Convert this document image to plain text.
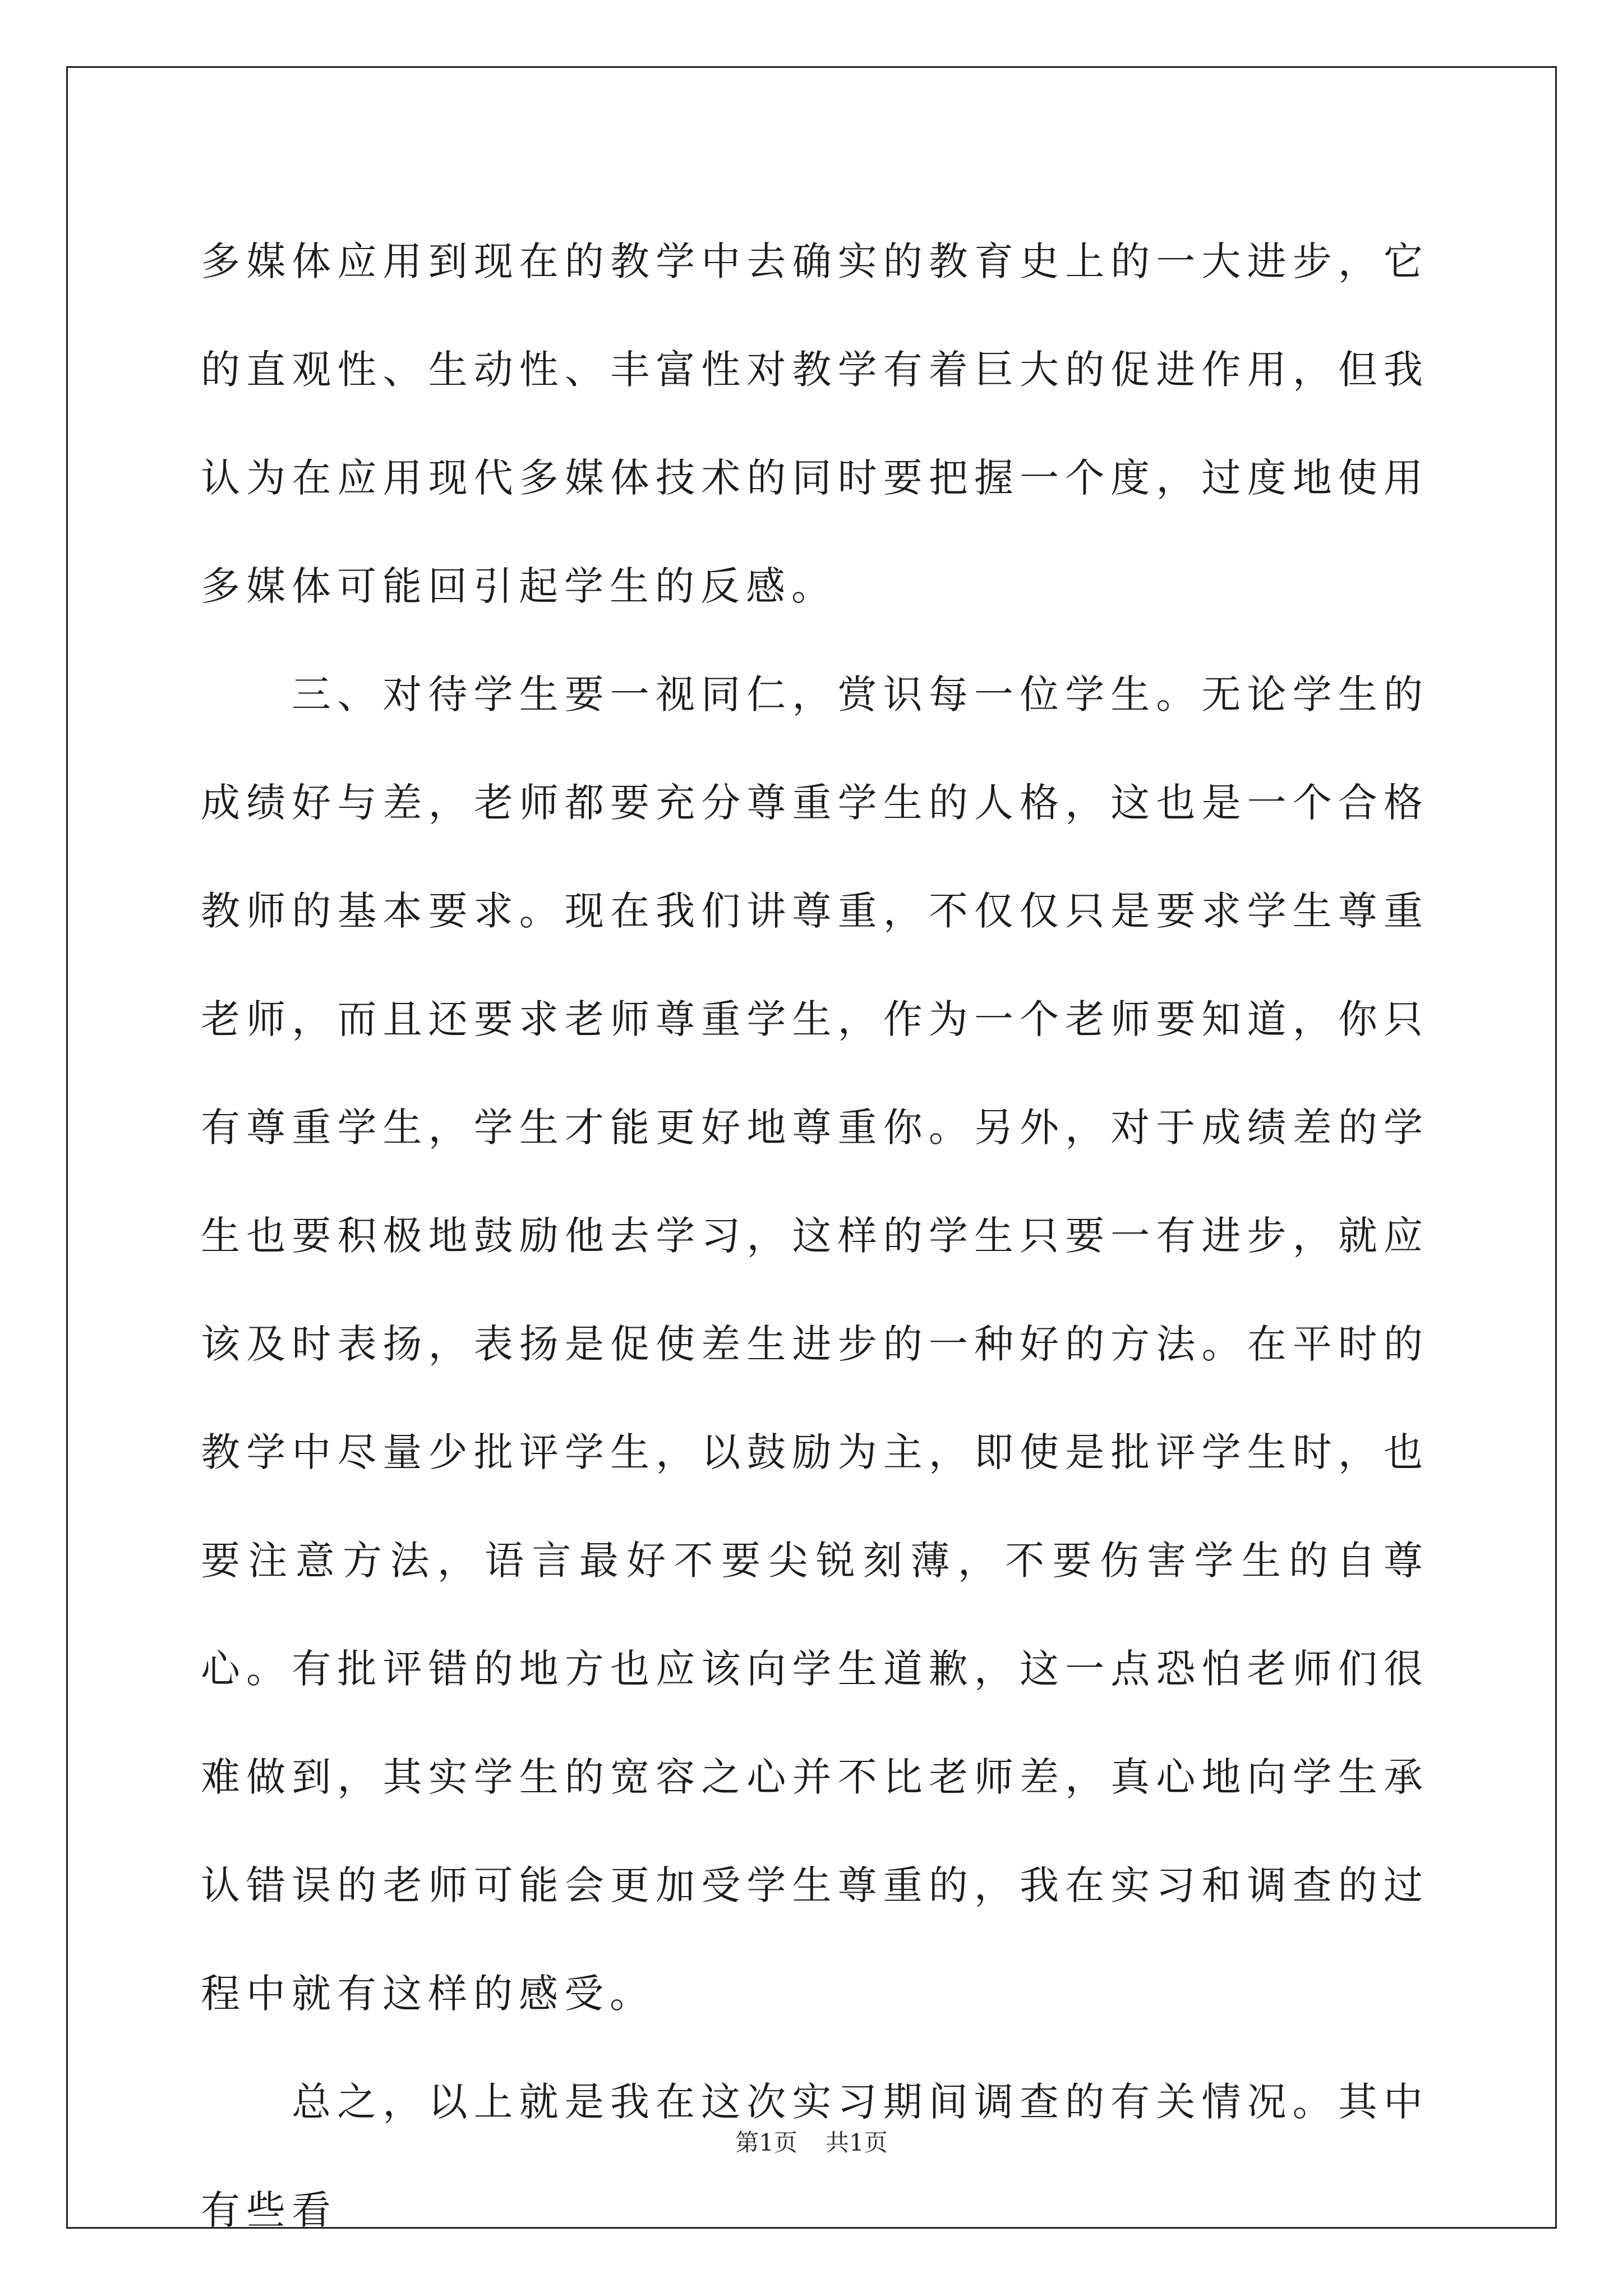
多媒体应用到现在的教学中去确实的教育史上的一大进步，它的直观性、生动性、丰富性对教学有着巨大的促进作用，但我认为在应用现代多媒体技术的同时要把握一个度，过度地使用多媒体可能回引起学生的反感。

三、对待学生要一视同仁，赏识每一位学生。无论学生的成绩好与差，老师都要充分尊重学生的人格，这也是一个合格教师的基本要求。现在我们讲尊重，不仅仅只是要求学生尊重老师，而且还要求老师尊重学生，作为一个老师要知道，你只有尊重学生，学生才能更好地尊重你。另外，对于成绩差的学生也要积极地鼓励他去学习，这样的学生只要一有进步，就应该及时表扬，表扬是促使差生进步的一种好的方法。在平时的教学中尽量少批评学生，以鼓励为主，即使是批评学生时，也要注意方法，语言最好不要尖锐刻薄，不要伤害学生的自尊心。有批评错的地方也应该向学生道歉，这一点恐怕老师们很难做到，其实学生的宽容之心并不比老师差，真心地向学生承认错误的老师可能会更加受学生尊重的，我在实习和调查的过程中就有这样的感受。

总之，以上就是我在这次实习期间调查的有关情况。其中有些看

第1页 共1页
